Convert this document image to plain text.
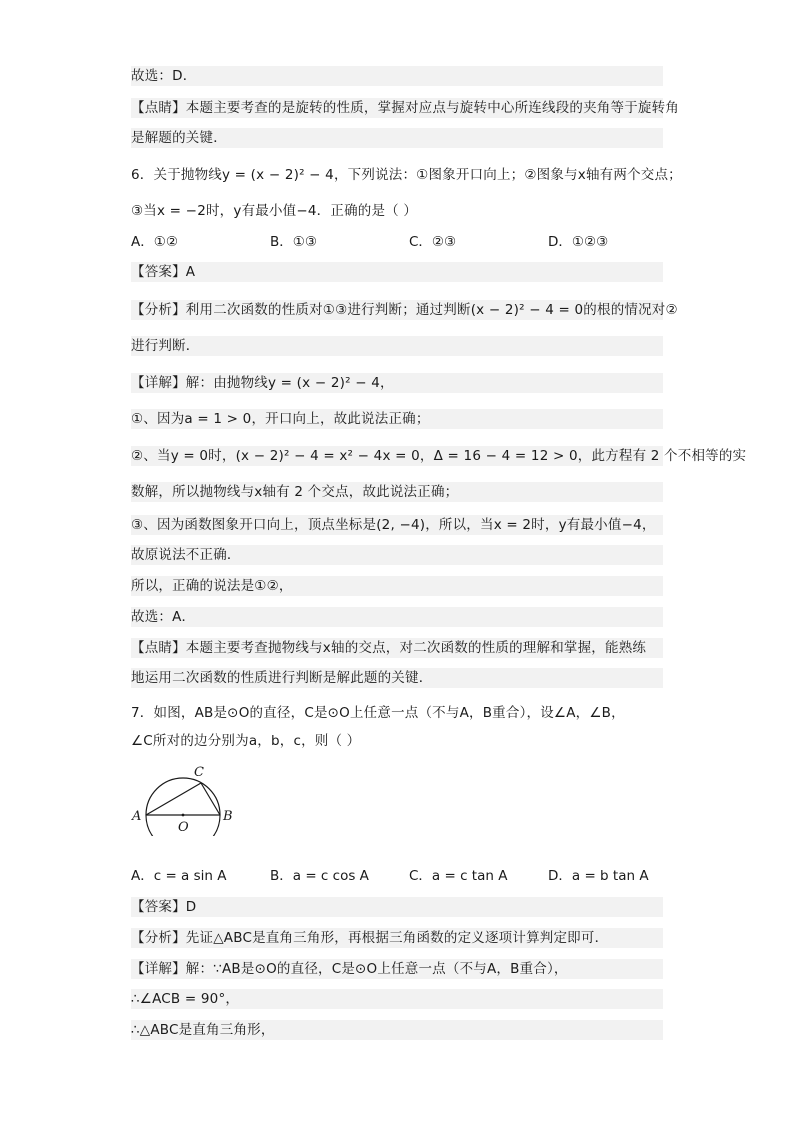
故选：D．
【点睛】本题主要考查的是旋转的性质，掌握对应点与旋转中心所连线段的夹角等于旋转角
是解题的关键．
6．关于抛物线y = (x − 2)² − 4，下列说法：①图象开口向上；②图象与x轴有两个交点；
③当x = −2时，y有最小值−4．正确的是（ ）
A．①②	B．①③	C．②③	D．①②③
【答案】A
【分析】利用二次函数的性质对①③进行判断；通过判断(x − 2)² − 4 = 0的根的情况对②
进行判断．
【详解】解：由抛物线y = (x − 2)² − 4，
①、因为a = 1 > 0，开口向上，故此说法正确；
②、当y = 0时，(x − 2)² − 4 = x² − 4x = 0，Δ = 16 − 4 = 12 > 0，此方程有 2 个不相等的实
数解，所以抛物线与x轴有 2 个交点，故此说法正确；
③、因为函数图象开口向上，顶点坐标是(2, −4)，所以，当x = 2时，y有最小值−4，
故原说法不正确．
所以，正确的说法是①②，
故选：A．
【点睛】本题主要考查抛物线与x轴的交点，对二次函数的性质的理解和掌握，能熟练
地运用二次函数的性质进行判断是解此题的关键．
7．如图，AB是⊙O的直径，C是⊙O上任意一点（不与A，B重合），设∠A，∠B，
∠C所对的边分别为a，b，c，则（ ）
A	B
C
O
A．c = a sin A	B．a = c cos A	C．a = c tan A	D．a = b tan A
【答案】D
【分析】先证△ABC是直角三角形，再根据三角函数的定义逐项计算判定即可．
【详解】解：∵AB是⊙O的直径，C是⊙O上任意一点（不与A，B重合），
∴∠ACB = 90°，
∴△ABC是直角三角形，
